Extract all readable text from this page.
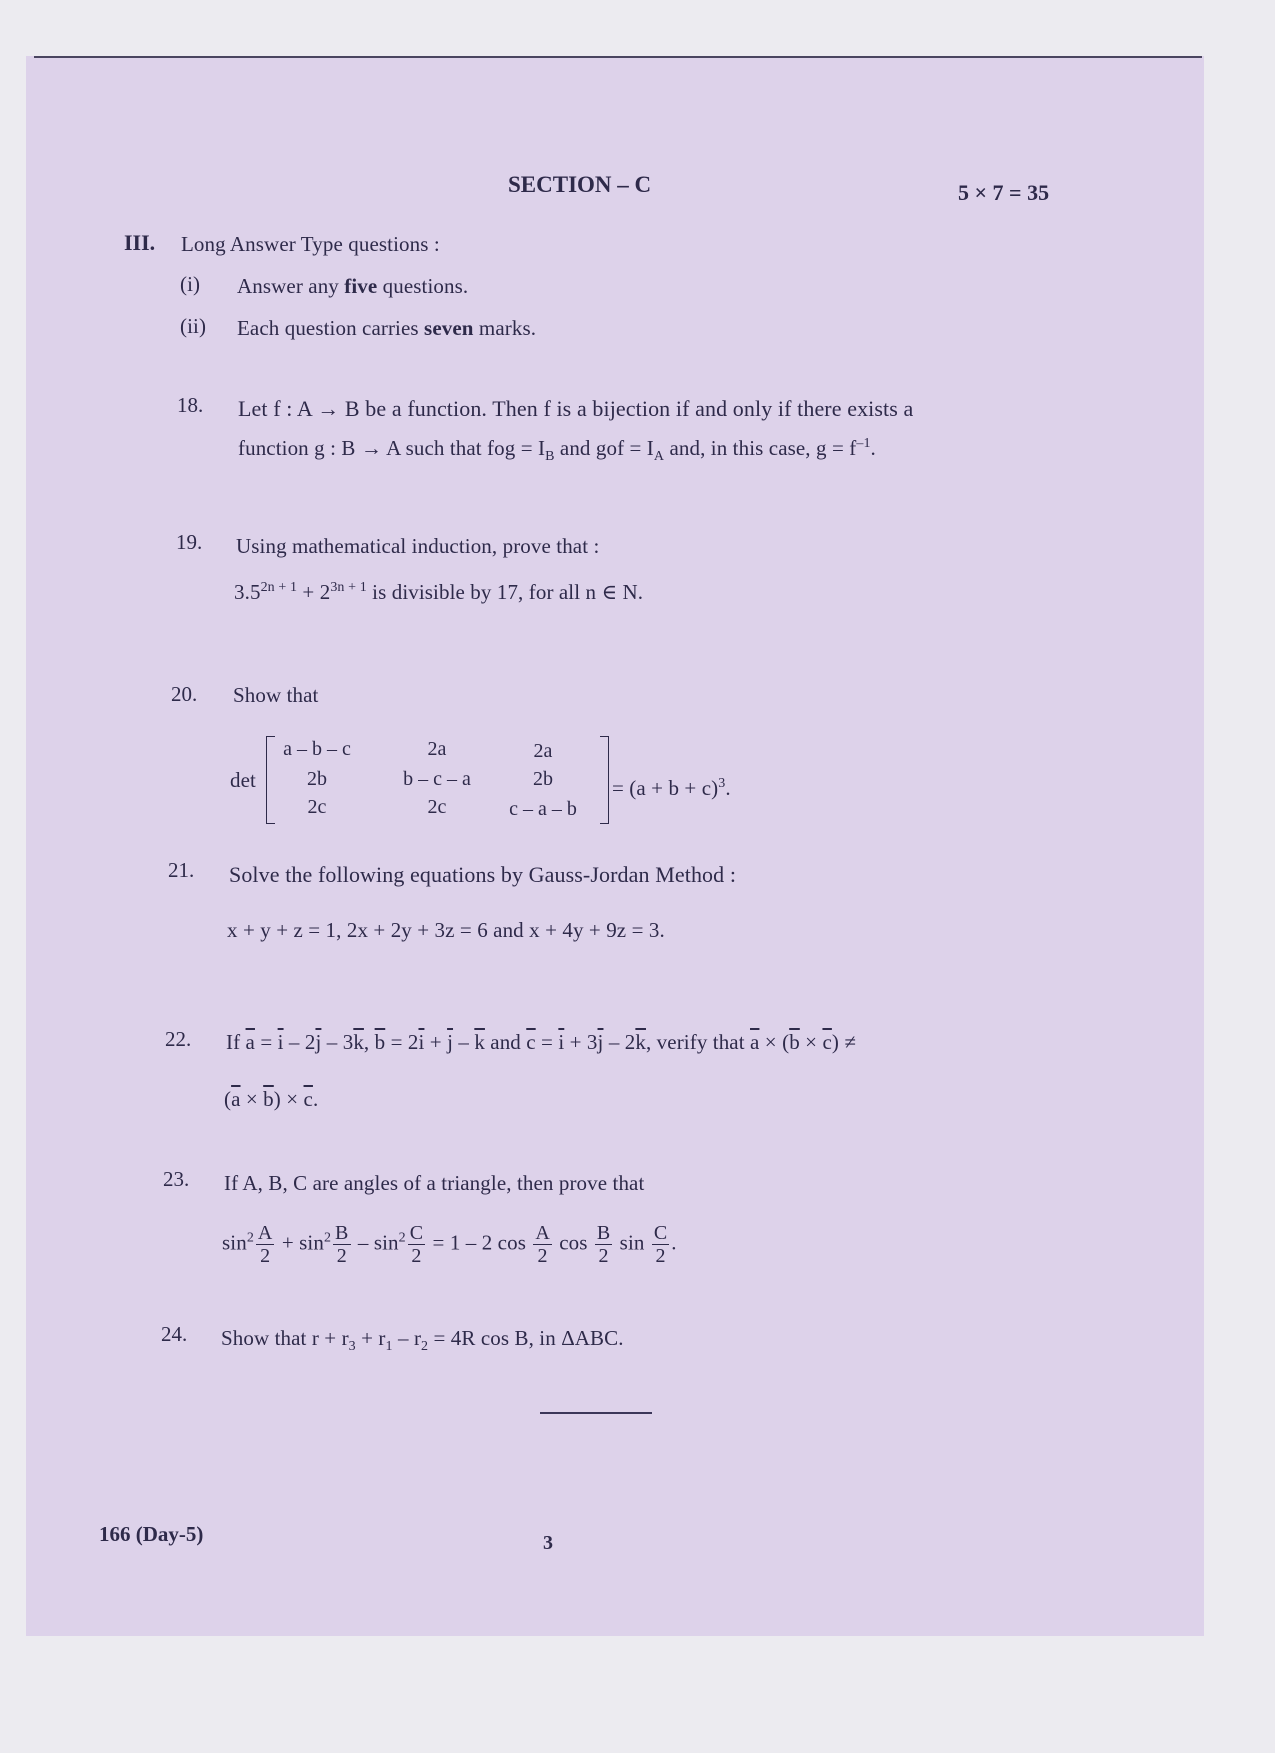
SECTION – C	5 × 7 = 35
III. Long Answer Type questions :
(i) Answer any five questions.
(ii) Each question carries seven marks.
18. Let f : A → B be a function. Then f is a bijection if and only if there exists a
function g : B → A such that fog = $I_B$ and gof = $I_A$ and, in this case, $g = f^{-1}$.
19. Using mathematical induction, prove that :
$3.5^{2n + 1} + 2^{3n + 1}$ is divisible by 17, for all n ∈ N.
20. Show that
det
a – b – c	2a	2a
2b	b – c – a	2b
2c	2c	c – a – b
= $(a + b + c)^3$.
21. Solve the following equations by Gauss-Jordan Method :
x + y + z = 1, 2x + 2y + 3z = 6 and x + 4y + 9z = 3.
22. If $\overline{a} = \overline{i} - 2\overline{j} - 3\overline{k}$, $\overline{b} = 2\overline{i} + \overline{j} - \overline{k}$ and $\overline{c} = \overline{i} + 3\overline{j} - 2\overline{k}$, verify that $\overline{a} \times (\overline{b} \times \overline{c})$ ≠
$(\overline{a} \times \overline{b}) \times \overline{c}$.
23. If A, B, C are angles of a triangle, then prove that
$\sin^2 \frac{A}{2} + \sin^2 \frac{B}{2} - \sin^2 \frac{C}{2} = 1 - 2$ $\cos \frac{A}{2}$ $\cos \frac{B}{2}$ $\sin \frac{C}{2}$ .
24. Show that $r + r_3 + r_1 - r_2 = 4R$ cos B, in ΔABC.
166 (Day-5)	3
